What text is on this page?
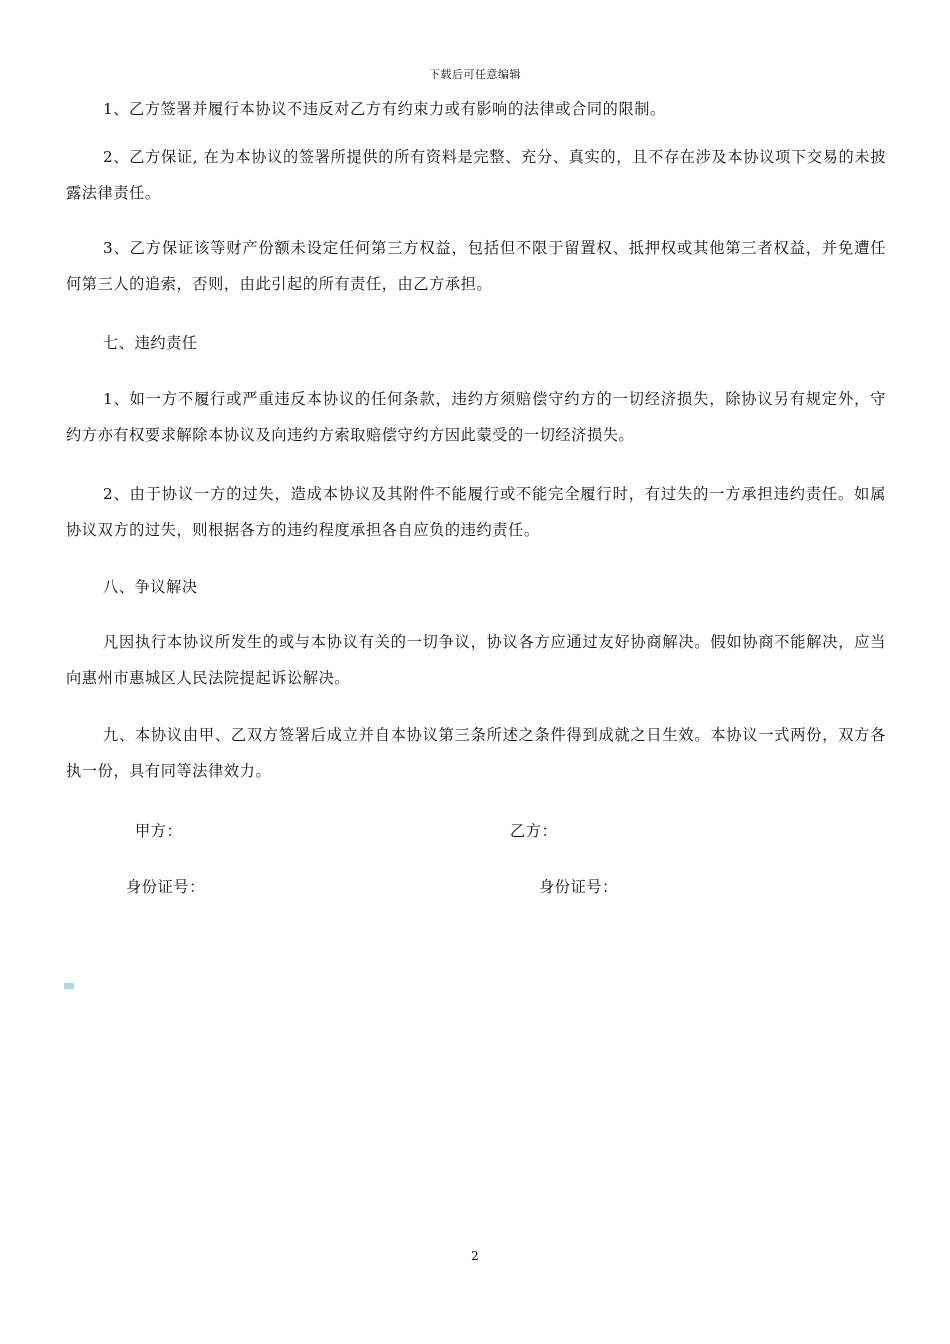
下载后可任意编辑
1、乙方签署并履行本协议不违反对乙方有约束力或有影响的法律或合同的限制。
2、乙方保证, 在为本协议的签署所提供的所有资料是完整、充分、真实的，且不存在涉及本协议项下交易的未披露法律责任。
3、乙方保证该等财产份额未设定任何第三方权益，包括但不限于留置权、抵押权或其他第三者权益，并免遭任何第三人的追索，否则，由此引起的所有责任，由乙方承担。
七、违约责任
1、如一方不履行或严重违反本协议的任何条款，违约方须赔偿守约方的一切经济损失，除协议另有规定外，守约方亦有权要求解除本协议及向违约方索取赔偿守约方因此蒙受的一切经济损失。
2、由于协议一方的过失，造成本协议及其附件不能履行或不能完全履行时，有过失的一方承担违约责任。如属协议双方的过失，则根据各方的违约程度承担各自应负的违约责任。
八、争议解决
凡因执行本协议所发生的或与本协议有关的一切争议，协议各方应通过友好协商解决。假如协商不能解决，应当向惠州市惠城区人民法院提起诉讼解决。
九、本协议由甲、乙双方签署后成立并自本协议第三条所述之条件得到成就之日生效。本协议一式两份，双方各执一份，具有同等法律效力。
甲方：	乙方：
身份证号：	身份证号：
2
